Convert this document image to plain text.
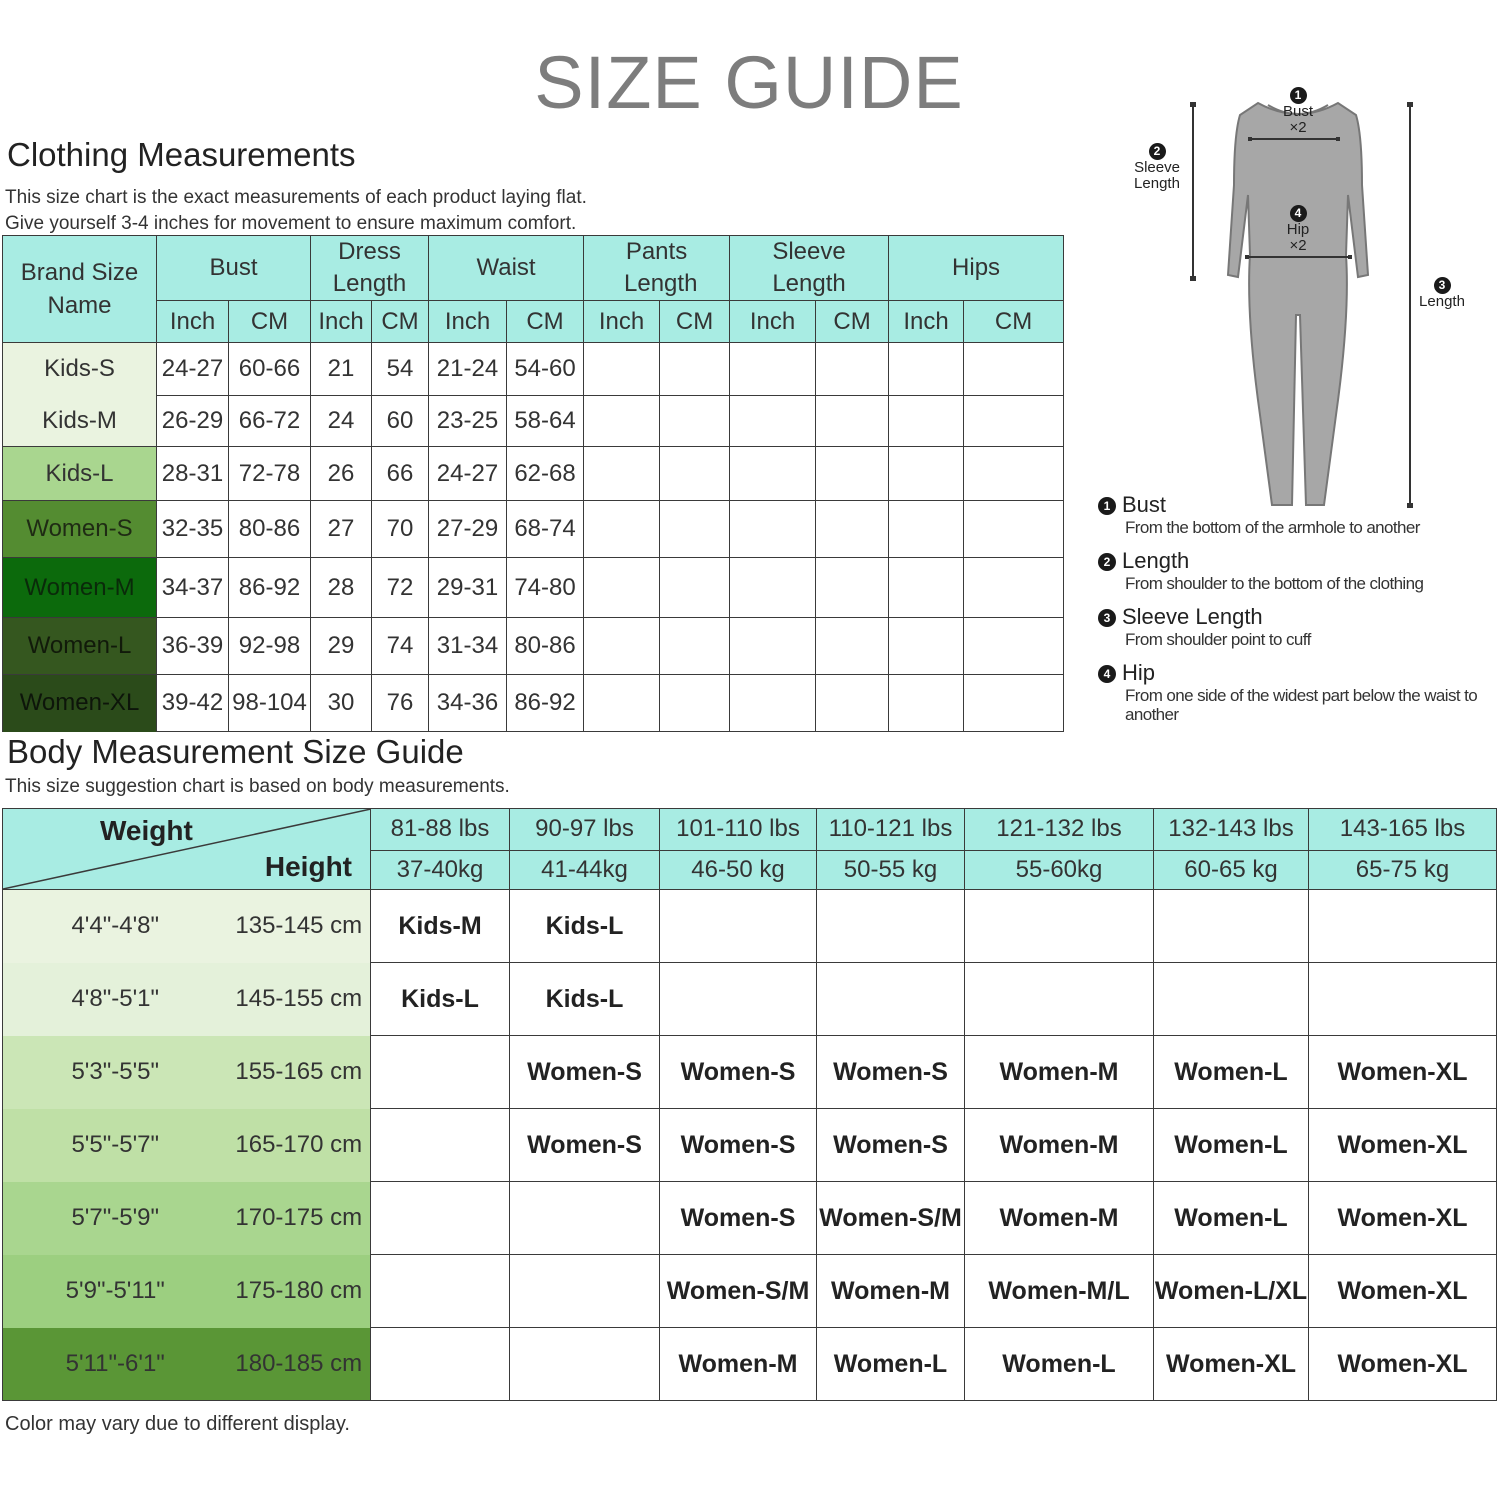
SIZE GUIDE
Clothing Measurements
This size chart is the exact measurements of each product laying flat.
Give yourself 3-4 inches for movement to ensure maximum comfort.
Brand Size Name	Bust		Dress Length		Waist		Pants Length		Sleeve Length		Hips	
	Inch	CM	Inch	CM	Inch	CM	Inch	CM	Inch	CM	Inch	CM
Kids-S	24-27	60-66	21	54	21-24	54-60						
Kids-M	26-29	66-72	24	60	23-25	58-64						
Kids-L	28-31	72-78	26	66	24-27	62-68						
Women-S	32-35	80-86	27	70	27-29	68-74						
Women-M	34-37	86-92	28	72	29-31	74-80						
Women-L	36-39	92-98	29	74	31-34	80-86						
Women-XL	39-42	98-104	30	76	34-36	86-92						
Body Measurement Size Guide
This size suggestion chart is based on body measurements.
Weight
Height		81-88 lbs	90-97 lbs	101-110 lbs	110-121 lbs	121-132 lbs	132-143 lbs	143-165 lbs
		37-40kg	41-44kg	46-50 kg	50-55 kg	55-60kg	60-65 kg	65-75 kg
4'4"-4'8"	135-145 cm	Kids-M	Kids-L					
4'8"-5'1"	145-155 cm	Kids-L	Kids-L					
5'3"-5'5"	155-165 cm		Women-S	Women-S	Women-S	Women-M	Women-L	Women-XL
5'5"-5'7"	165-170 cm		Women-S	Women-S	Women-S	Women-M	Women-L	Women-XL
5'7"-5'9"	170-175 cm			Women-S	Women-S/M	Women-M	Women-L	Women-XL
5'9"-5'11"	175-180 cm			Women-S/M	Women-M	Women-M/L	Women-L/XL	Women-XL
5'11"-6'1"	180-185 cm			Women-M	Women-L	Women-L	Women-XL	Women-XL
Color may vary due to different display.
1
Bust
×2
2
Sleeve Length
4
Hip
×2
3
Length
1 Bust
From the bottom of the armhole to another
2 Length
From shoulder to the bottom of the clothing
3 Sleeve Length
From shoulder point to cuff
4 Hip
From one side of the widest part below the waist to another
